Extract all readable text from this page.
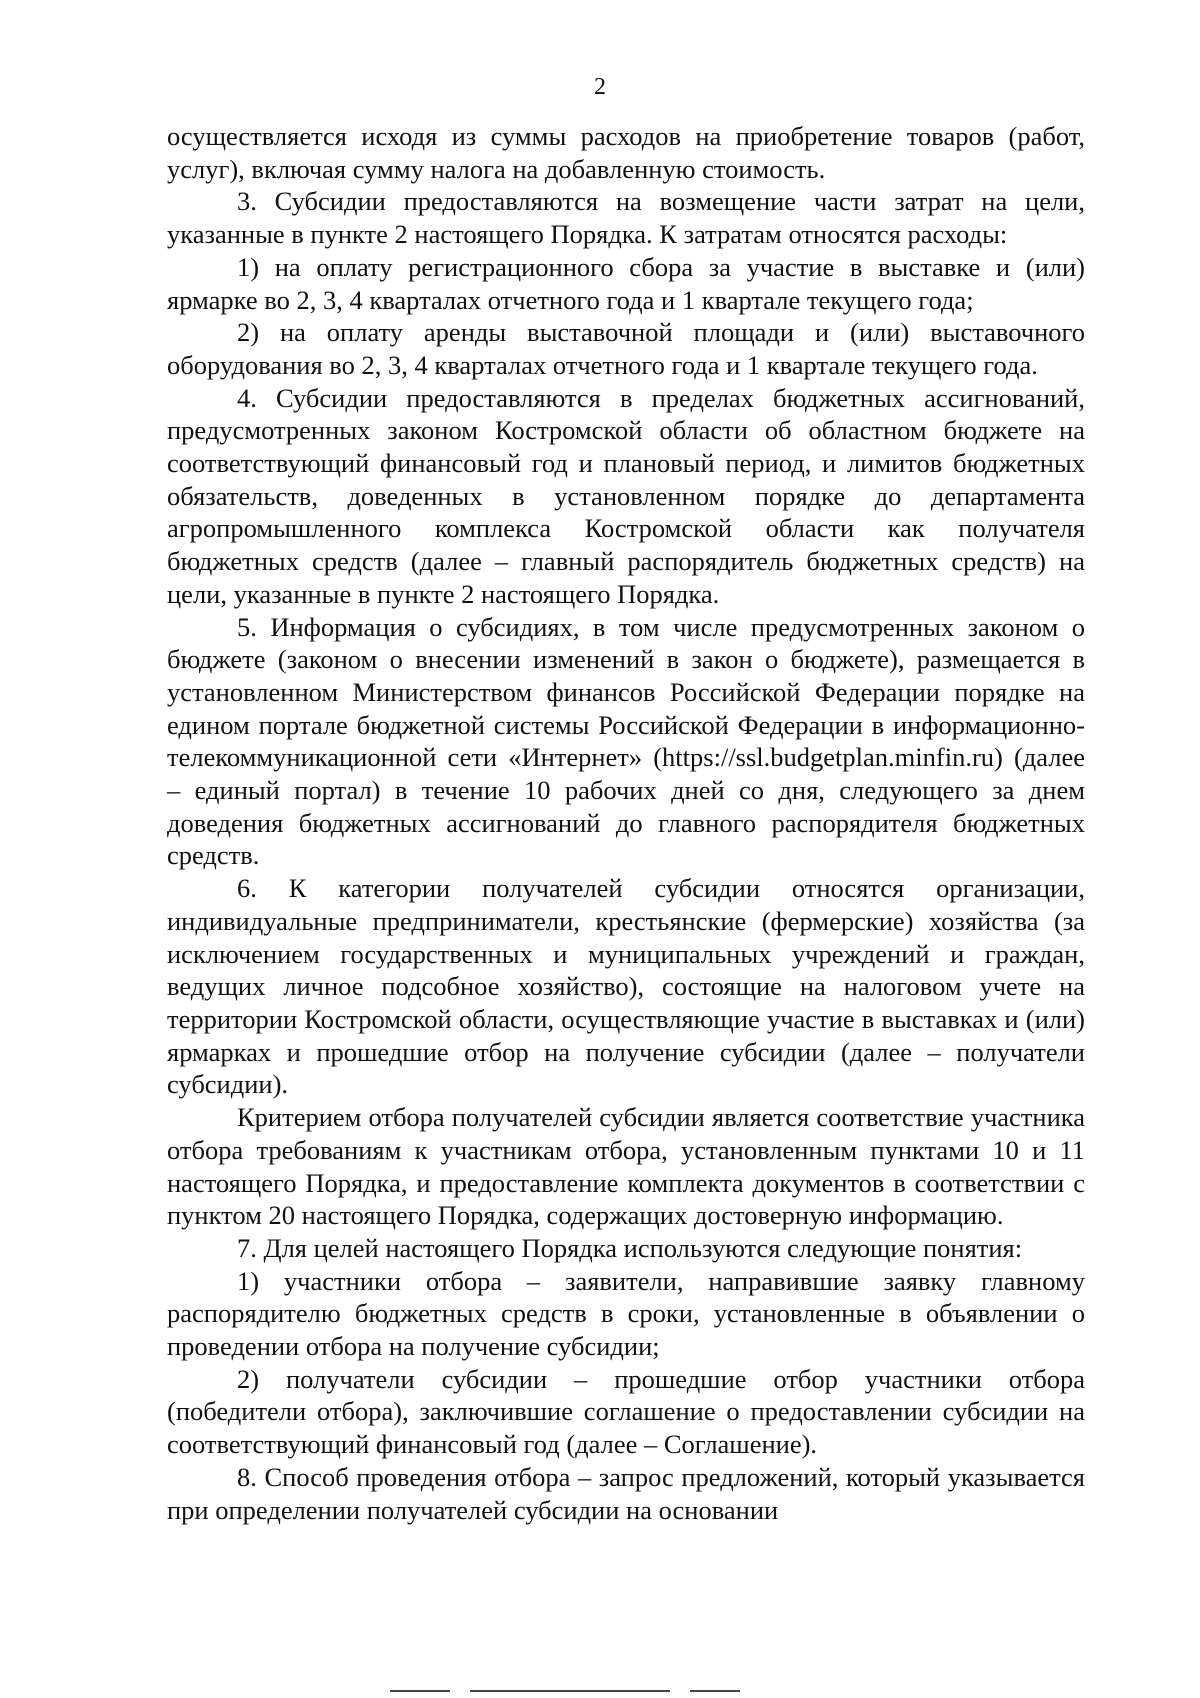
2

осуществляется исходя из суммы расходов на приобретение товаров (работ, услуг), включая сумму налога на добавленную стоимость.

3. Субсидии предоставляются на возмещение части затрат на цели, указанные в пункте 2 настоящего Порядка. К затратам относятся расходы:

1) на оплату регистрационного сбора за участие в выставке и (или) ярмарке во 2, 3, 4 кварталах отчетного года и 1 квартале текущего года;

2) на оплату аренды выставочной площади и (или) выставочного оборудования во 2, 3, 4 кварталах отчетного года и 1 квартале текущего года.

4. Субсидии предоставляются в пределах бюджетных ассигнований, предусмотренных законом Костромской области об областном бюджете на соответствующий финансовый год и плановый период, и лимитов бюджетных обязательств, доведенных в установленном порядке до департамента агропромышленного комплекса Костромской области как получателя бюджетных средств (далее – главный распорядитель бюджетных средств) на цели, указанные в пункте 2 настоящего Порядка.

5. Информация о субсидиях, в том числе предусмотренных законом о бюджете (законом о внесении изменений в закон о бюджете), размещается в установленном Министерством финансов Российской Федерации порядке на едином портале бюджетной системы Российской Федерации в информационно-телекоммуникационной сети «Интернет» (https://ssl.budgetplan.minfin.ru) (далее – единый портал) в течение 10 рабочих дней со дня, следующего за днем доведения бюджетных ассигнований до главного распорядителя бюджетных средств.

6. К категории получателей субсидии относятся организации, индивидуальные предприниматели, крестьянские (фермерские) хозяйства (за исключением государственных и муниципальных учреждений и граждан, ведущих личное подсобное хозяйство), состоящие на налоговом учете на территории Костромской области, осуществляющие участие в выставках и (или) ярмарках и прошедшие отбор на получение субсидии (далее – получатели субсидии).

Критерием отбора получателей субсидии является соответствие участника отбора требованиям к участникам отбора, установленным пунктами 10 и 11 настоящего Порядка, и предоставление комплекта документов в соответствии с пунктом 20 настоящего Порядка, содержащих достоверную информацию.

7. Для целей настоящего Порядка используются следующие понятия:

1) участники отбора – заявители, направившие заявку главному распорядителю бюджетных средств в сроки, установленные в объявлении о проведении отбора на получение субсидии;

2) получатели субсидии – прошедшие отбор участники отбора (победители отбора), заключившие соглашение о предоставлении субсидии на соответствующий финансовый год (далее – Соглашение).

8. Способ проведения отбора – запрос предложений, который указывается при определении получателей субсидии на основании
